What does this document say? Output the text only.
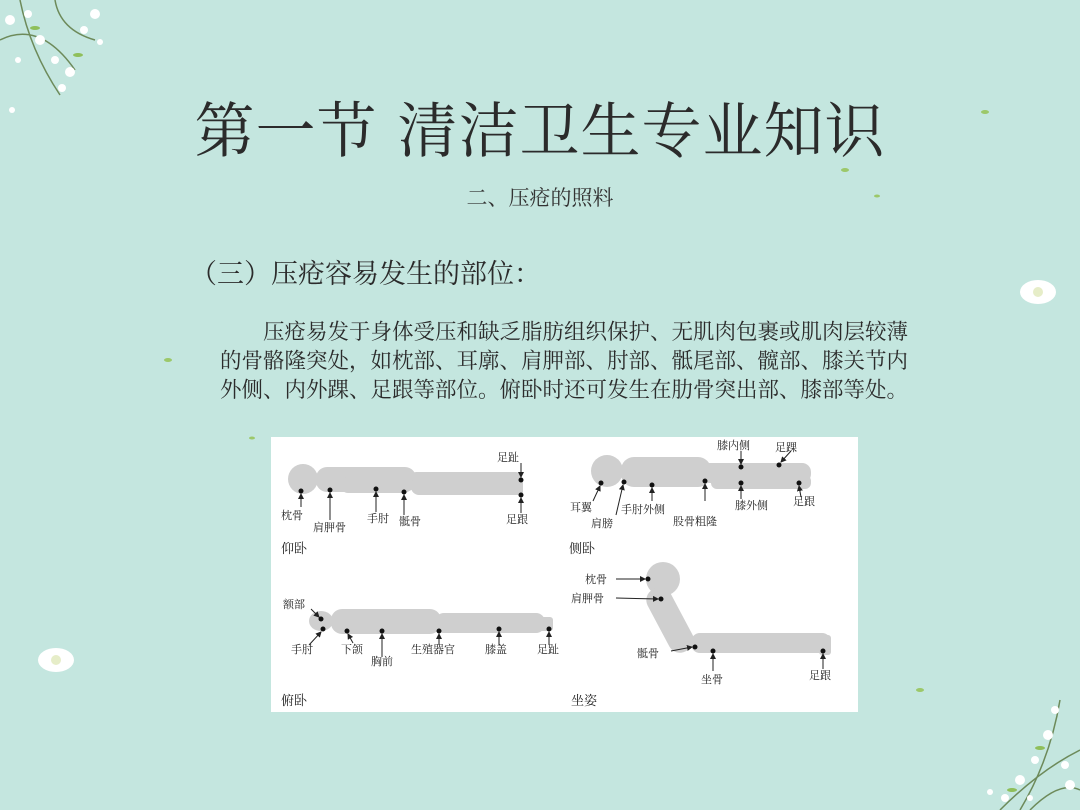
第一节 清洁卫生专业知识
二、压疮的照料
（三）压疮容易发生的部位：
压疮易发于身体受压和缺乏脂肪组织保护、无肌肉包裹或肌肉层较薄的骨骼隆突处，如枕部、耳廓、肩胛部、肘部、骶尾部、髋部、膝关节内外侧、内外踝、足跟等部位。俯卧时还可发生在肋骨突出部、膝部等处。
枕骨
肩胛骨
手肘 骶骨
足趾
足跟
仰卧
膝内侧 足踝
耳翼
肩膀
手肘外侧
股骨粗隆
膝外侧 足跟
侧卧
额部
手肘	下颌
胸前
生殖器官	膝盖	足趾
俯卧
枕骨
肩胛骨
骶骨
坐骨	足跟
坐姿
